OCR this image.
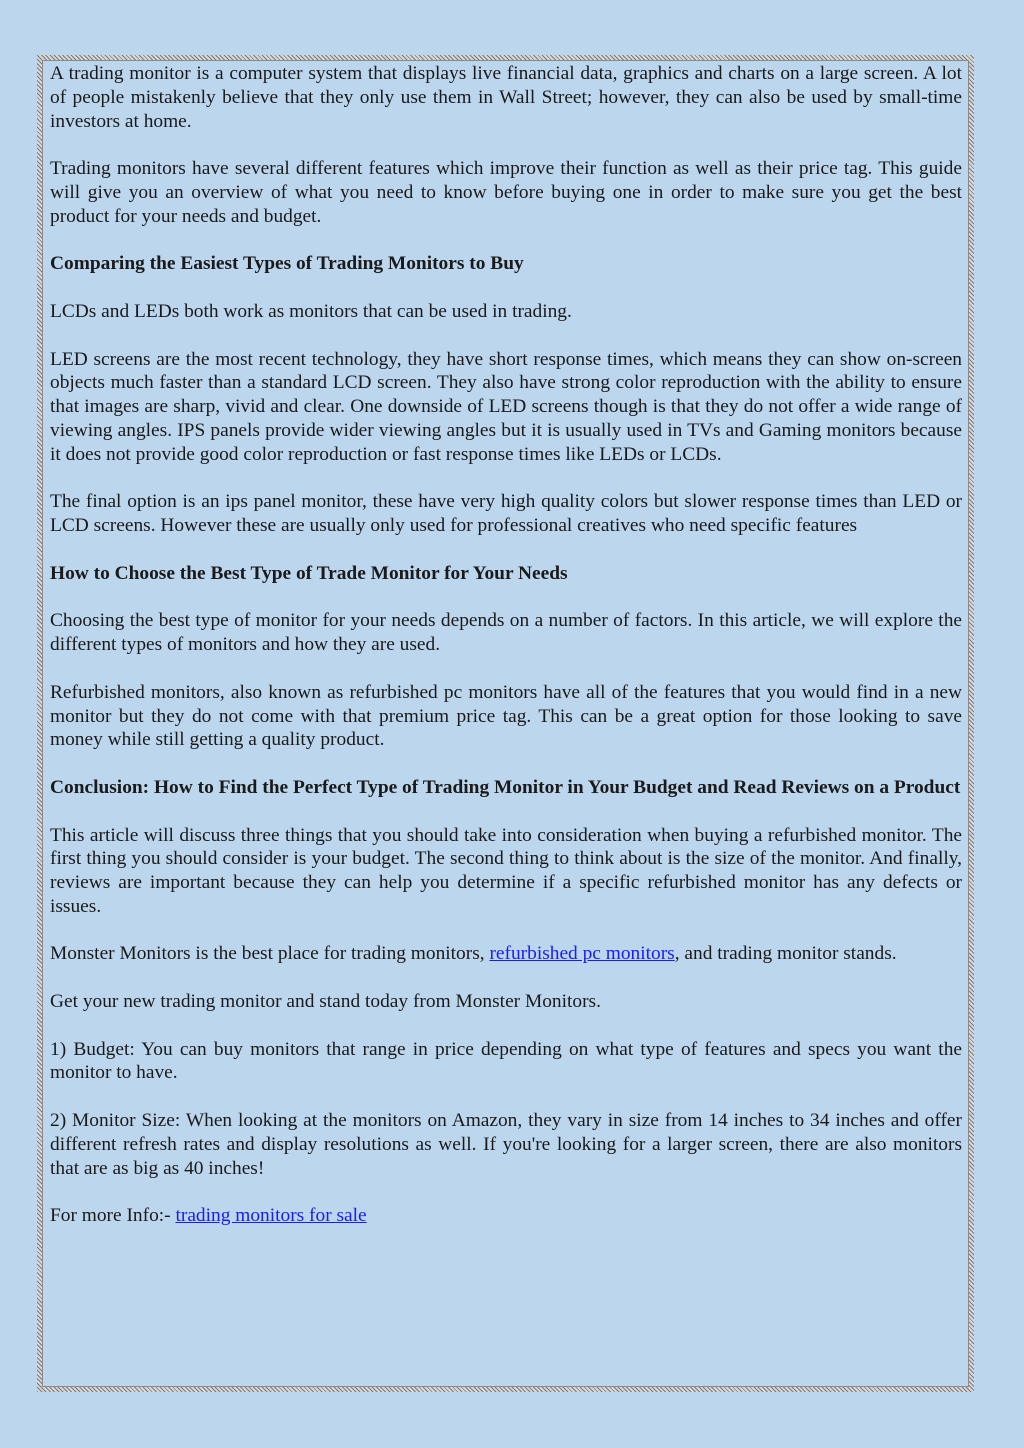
A trading monitor is a computer system that displays live financial data, graphics and charts on a large screen. A lot of people mistakenly believe that they only use them in Wall Street; however, they can also be used by small-time investors at home.

Trading monitors have several different features which improve their function as well as their price tag. This guide will give you an overview of what you need to know before buying one in order to make sure you get the best product for your needs and budget.

Comparing the Easiest Types of Trading Monitors to Buy

LCDs and LEDs both work as monitors that can be used in trading.

LED screens are the most recent technology, they have short response times, which means they can show on-screen objects much faster than a standard LCD screen. They also have strong color reproduction with the ability to ensure that images are sharp, vivid and clear. One downside of LED screens though is that they do not offer a wide range of viewing angles. IPS panels provide wider viewing angles but it is usually used in TVs and Gaming monitors because it does not provide good color reproduction or fast response times like LEDs or LCDs.

The final option is an ips panel monitor, these have very high quality colors but slower response times than LED or LCD screens. However these are usually only used for professional creatives who need specific features

How to Choose the Best Type of Trade Monitor for Your Needs

Choosing the best type of monitor for your needs depends on a number of factors. In this article, we will explore the different types of monitors and how they are used.

Refurbished monitors, also known as refurbished pc monitors have all of the features that you would find in a new monitor but they do not come with that premium price tag. This can be a great option for those looking to save money while still getting a quality product.

Conclusion: How to Find the Perfect Type of Trading Monitor in Your Budget and Read Reviews on a Product

This article will discuss three things that you should take into consideration when buying a refurbished monitor. The first thing you should consider is your budget. The second thing to think about is the size of the monitor. And finally, reviews are important because they can help you determine if a specific refurbished monitor has any defects or issues.

Monster Monitors is the best place for trading monitors, refurbished pc monitors, and trading monitor stands.

Get your new trading monitor and stand today from Monster Monitors.

1) Budget: You can buy monitors that range in price depending on what type of features and specs you want the monitor to have.

2) Monitor Size: When looking at the monitors on Amazon, they vary in size from 14 inches to 34 inches and offer different refresh rates and display resolutions as well. If you're looking for a larger screen, there are also monitors that are as big as 40 inches!

For more Info:- trading monitors for sale
